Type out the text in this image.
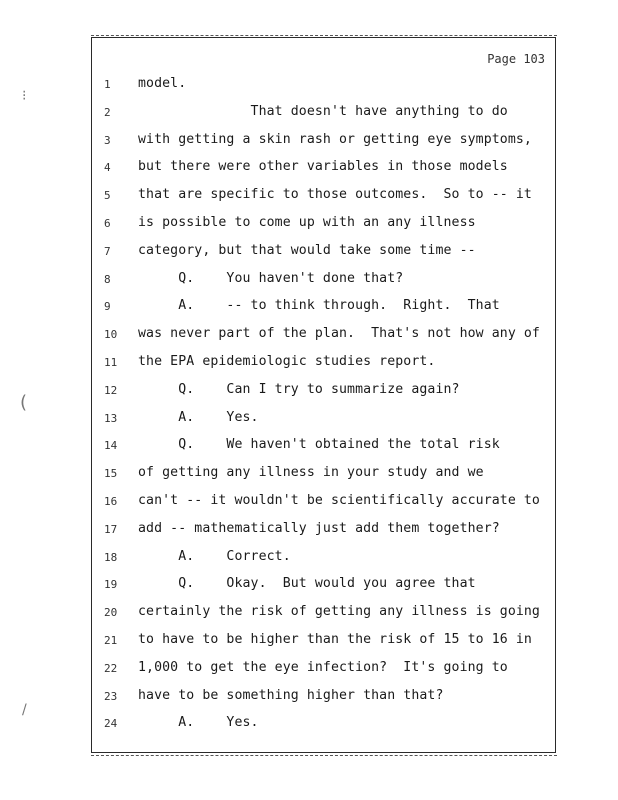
Page 103
1	model.
2	That doesn't have anything to do
3	with getting a skin rash or getting eye symptoms,
4	but there were other variables in those models
5	that are specific to those outcomes.  So to -- it
6	is possible to come up with an any illness
7	category, but that would take some time --
8	Q.    You haven't done that?
9	A.    -- to think through.  Right.  That
10	was never part of the plan.  That's not how any of
11	the EPA epidemiologic studies report.
12	Q.    Can I try to summarize again?
13	A.    Yes.
14	Q.    We haven't obtained the total risk
15	of getting any illness in your study and we
16	can't -- it wouldn't be scientifically accurate to
17	add -- mathematically just add them together?
18	A.    Correct.
19	Q.    Okay.  But would you agree that
20	certainly the risk of getting any illness is going
21	to have to be higher than the risk of 15 to 16 in
22	1,000 to get the eye infection?  It's going to
23	have to be something higher than that?
24	A.    Yes.
⁝
(
/
